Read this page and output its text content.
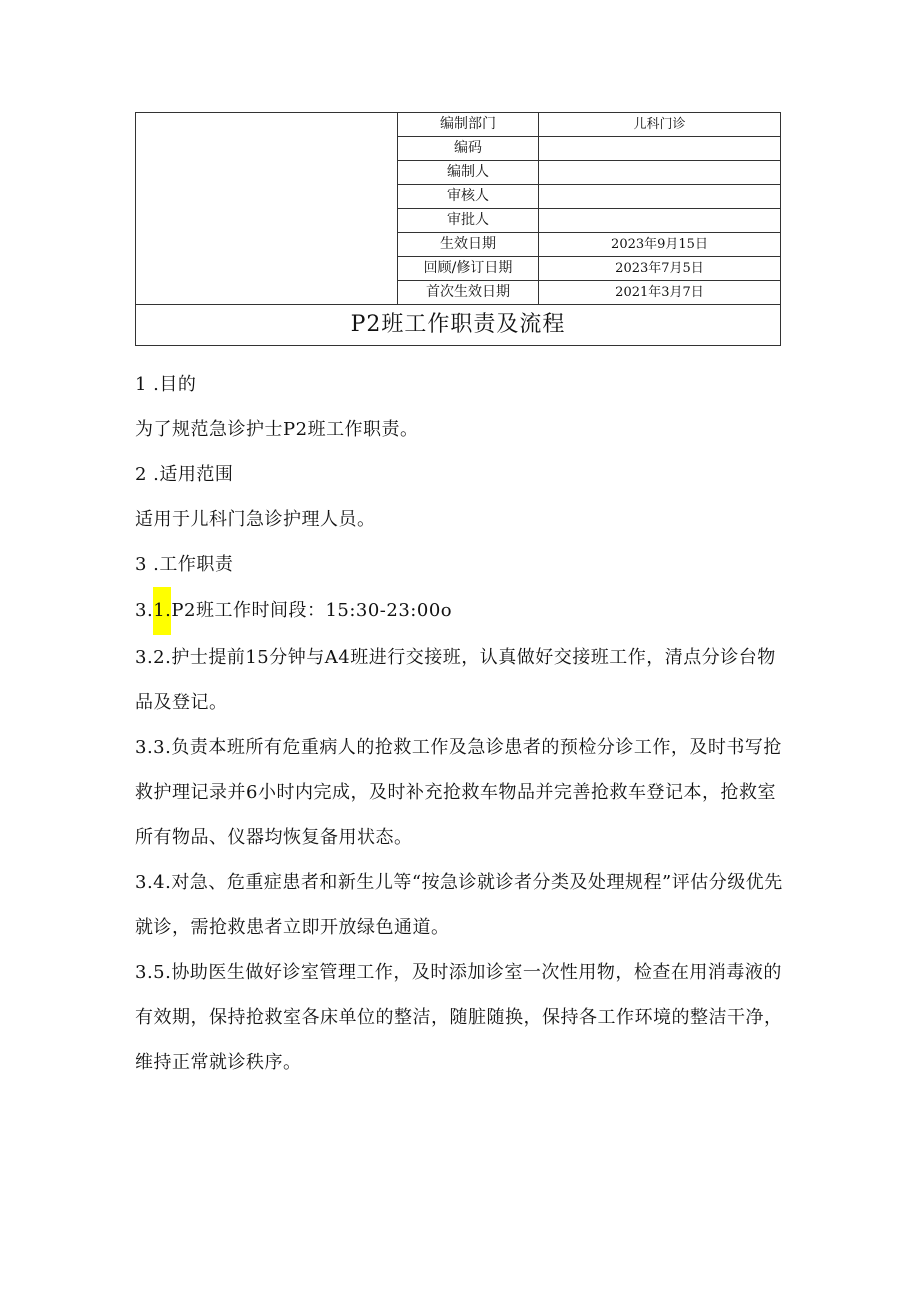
	编制部门	儿科门诊
	编码	
	编制人	
	审核人	
	审批人	
	生效日期	2023年9月15日
	回顾/修订日期	2023年7月5日
	首次生效日期	2021年3月7日
P2班工作职责及流程		

1 .目的

为了规范急诊护士P2班工作职责。

2 .适用范围

适用于儿科门急诊护理人员。

3 .工作职责

3.1.P2班工作时间段：15:30-23:00o

3.2.护士提前15分钟与A4班进行交接班，认真做好交接班工作，清点分诊台物品及登记。

3.3.负责本班所有危重病人的抢救工作及急诊患者的预检分诊工作，及时书写抢救护理记录并6小时内完成，及时补充抢救车物品并完善抢救车登记本，抢救室所有物品、仪器均恢复备用状态。

3.4.对急、危重症患者和新生儿等“按急诊就诊者分类及处理规程”评估分级优先就诊，需抢救患者立即开放绿色通道。

3.5.协助医生做好诊室管理工作，及时添加诊室一次性用物，检查在用消毒液的有效期，保持抢救室各床单位的整洁，随脏随换，保持各工作环境的整洁干净，维持正常就诊秩序。
